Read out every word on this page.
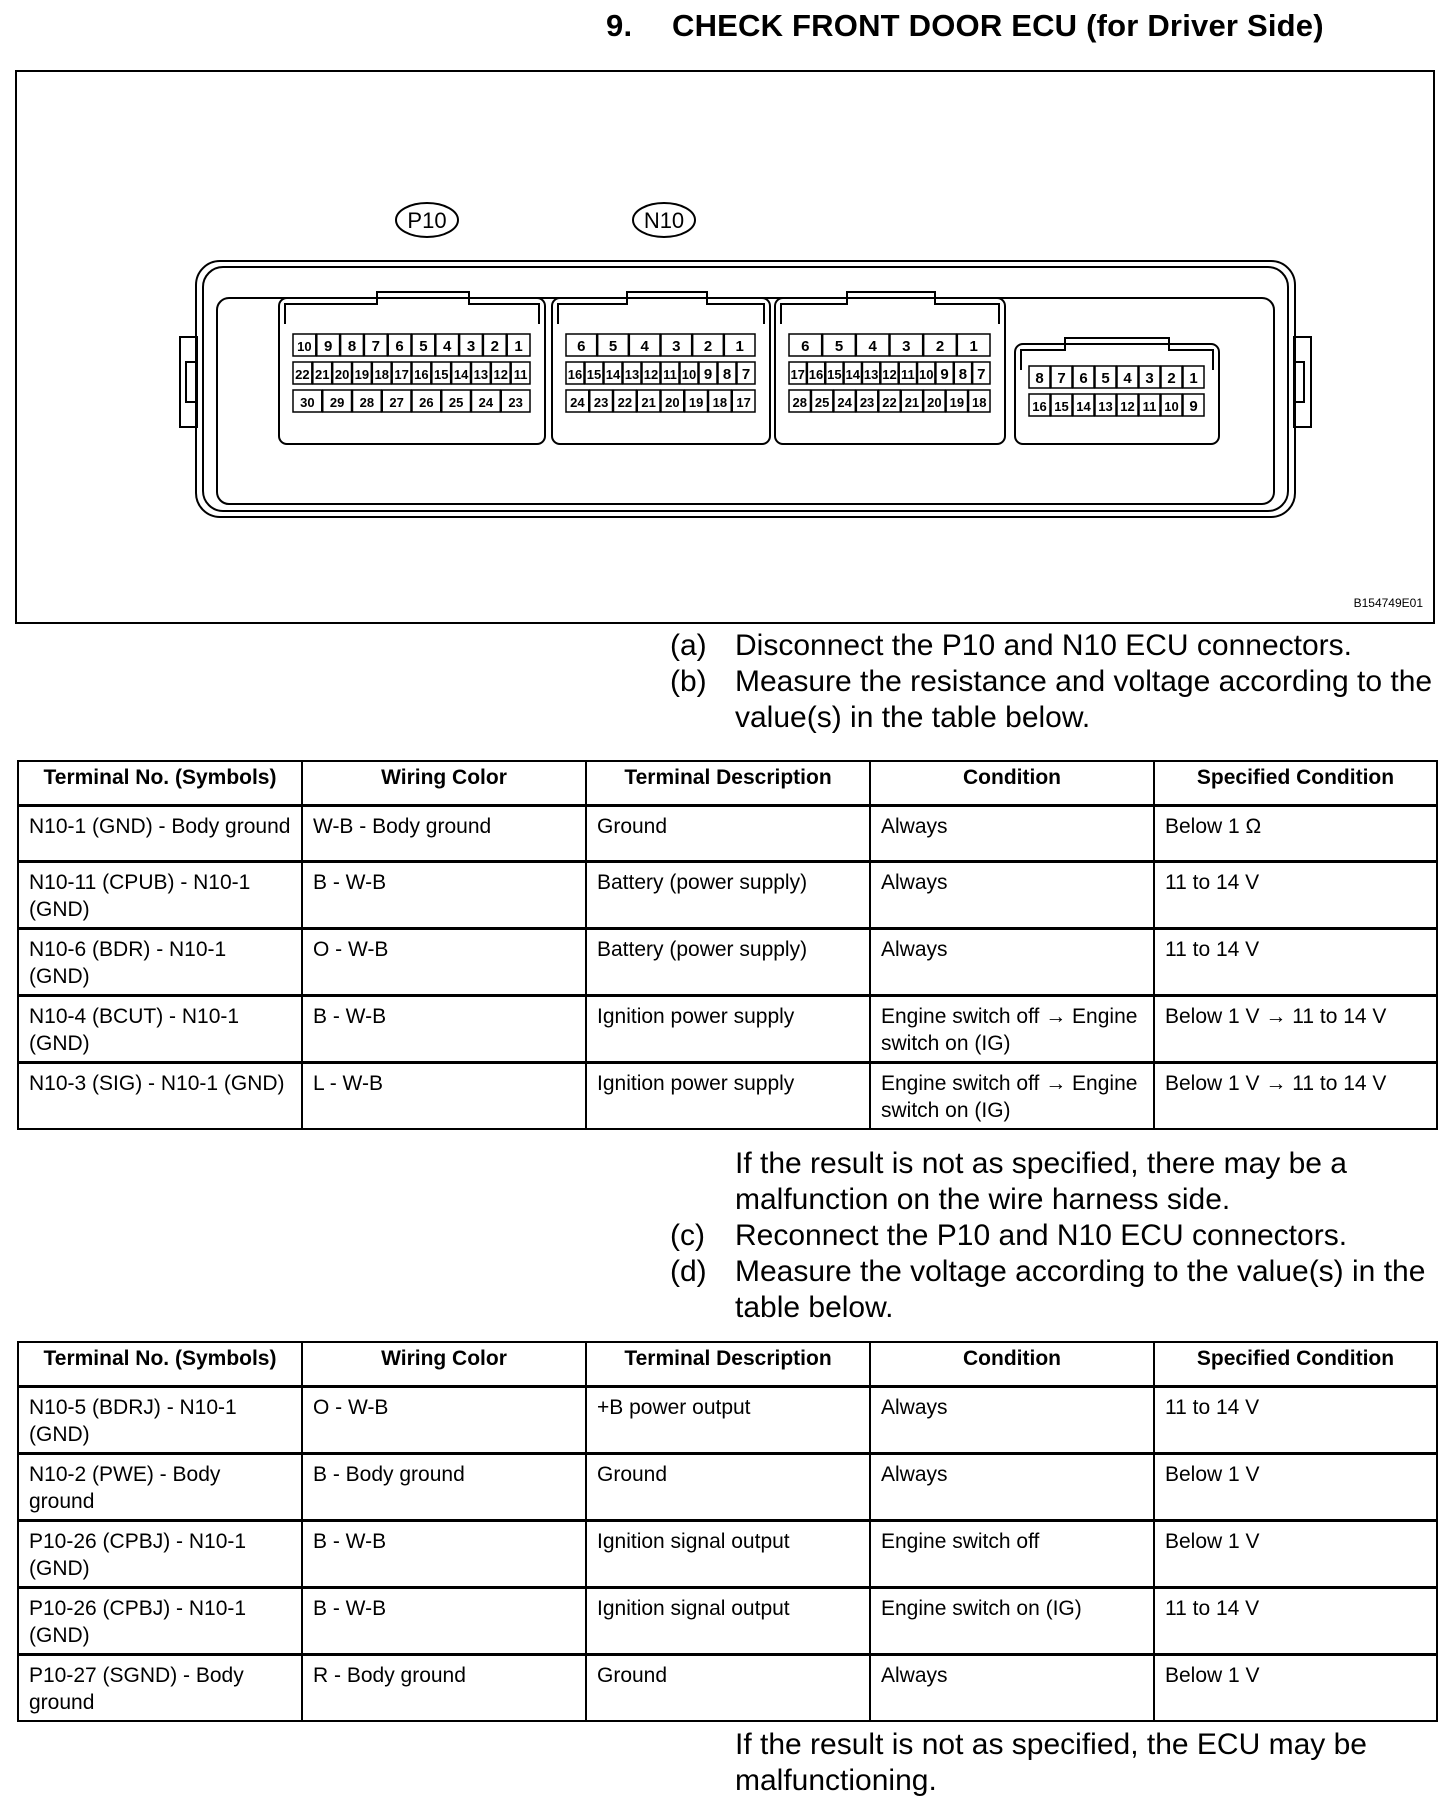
9. CHECK FRONT DOOR ECU (for Driver Side)
P10	N10
10 9 8 7 6 5 4 3 2 1
22 21 20 19 18 17 16 15 14 13 12 11
30 29 28 27 26 25 24 23
6 5 4 3 2 1
16 15 14 13 12 11 10 9 8 7
24 23 22 21 20 19 18 17
6 5 4 3 2 1
17 16 15 14 13 12 11 10 9 8 7
28 25 24 23 22 21 20 19 18
8 7 6 5 4 3 2 1
16 15 14 13 12 11 10 9
B154749E01
(a) Disconnect the P10 and N10 ECU connectors.
(b) Measure the resistance and voltage according to the value(s) in the table below.
Terminal No. (Symbols)	Wiring Color	Terminal Description	Condition	Specified Condition
N10-1 (GND) - Body ground	W-B - Body ground	Ground	Always	Below 1 Ω
N10-11 (CPUB) - N10-1 (GND)	B - W-B	Battery (power supply)	Always	11 to 14 V
N10-6 (BDR) - N10-1 (GND)	O - W-B	Battery (power supply)	Always	11 to 14 V
N10-4 (BCUT) - N10-1 (GND)	B - W-B	Ignition power supply	Engine switch off → Engine switch on (IG)	Below 1 V → 11 to 14 V
N10-3 (SIG) - N10-1 (GND)	L - W-B	Ignition power supply	Engine switch off → Engine switch on (IG)	Below 1 V → 11 to 14 V
If the result is not as specified, there may be a malfunction on the wire harness side.
(c)	Reconnect the P10 and N10 ECU connectors.
(d) Measure the voltage according to the value(s) in the table below.
Terminal No. (Symbols)	Wiring Color	Terminal Description	Condition	Specified Condition
N10-5 (BDRJ) - N10-1 (GND)	O - W-B	+B power output	Always	11 to 14 V
N10-2 (PWE) - Body ground	B - Body ground	Ground	Always	Below 1 V
P10-26 (CPBJ) - N10-1 (GND)	B - W-B	Ignition signal output	Engine switch off	Below 1 V
P10-26 (CPBJ) - N10-1 (GND)	B - W-B	Ignition signal output	Engine switch on (IG)	11 to 14 V
P10-27 (SGND) - Body ground	R - Body ground	Ground	Always	Below 1 V
If the result is not as specified, the ECU may be malfunctioning.
